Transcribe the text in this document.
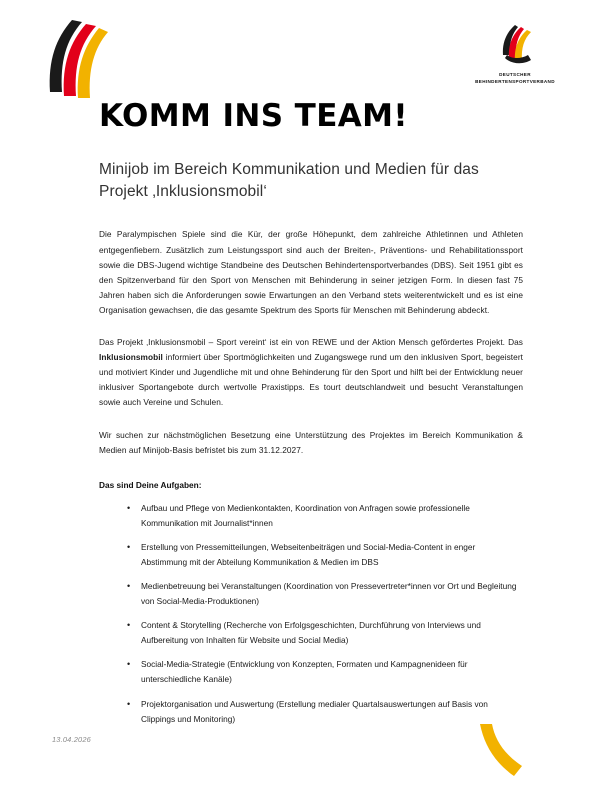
DEUTSCHER
BEHINDERTENSPORTVERBAND
KOMM INS TEAM!
Minijob im Bereich Kommunikation und Medien für das Projekt ‚Inklusionsmobil‘

Die Paralympischen Spiele sind die Kür, der große Höhepunkt, dem zahlreiche Athletinnen und Athleten entgegenfiebern. Zusätzlich zum Leistungssport sind auch der Breiten-, Präventions- und Rehabilitationssport sowie die DBS-Jugend wichtige Standbeine des Deutschen Behindertensportverbandes (DBS). Seit 1951 gibt es den Spitzenverband für den Sport von Menschen mit Behinderung in seiner jetzigen Form. In diesen fast 75 Jahren haben sich die Anforderungen sowie Erwartungen an den Verband stets weiterentwickelt und es ist eine Organisation gewachsen, die das gesamte Spektrum des Sports für Menschen mit Behinderung abdeckt.

Das Projekt ‚Inklusionsmobil – Sport vereint‘ ist ein von REWE und der Aktion Mensch gefördertes Projekt. Das Inklusionsmobil informiert über Sportmöglichkeiten und Zugangswege rund um den inklusiven Sport, begeistert und motiviert Kinder und Jugendliche mit und ohne Behinderung für den Sport und hilft bei der Entwicklung neuer inklusiver Sportangebote durch wertvolle Praxistipps. Es tourt deutschlandweit und besucht Veranstaltungen sowie auch Vereine und Schulen.

Wir suchen zur nächstmöglichen Besetzung eine Unterstützung des Projektes im Bereich Kommunikation & Medien auf Minijob-Basis befristet bis zum 31.12.2027.

Das sind Deine Aufgaben:

• Aufbau und Pflege von Medienkontakten, Koordination von Anfragen sowie professionelle Kommunikation mit Journalist*innen
• Erstellung von Pressemitteilungen, Webseitenbeiträgen und Social-Media-Content in enger Abstimmung mit der Abteilung Kommunikation & Medien im DBS
• Medienbetreuung bei Veranstaltungen (Koordination von Pressevertreter*innen vor Ort und Begleitung von Social-Media-Produktionen)
• Content & Storytelling (Recherche von Erfolgsgeschichten, Durchführung von Interviews und Aufbereitung von Inhalten für Website und Social Media)
• Social-Media-Strategie (Entwicklung von Konzepten, Formaten und Kampagnenideen für unterschiedliche Kanäle)
• Projektorganisation und Auswertung (Erstellung medialer Quartalsauswertungen auf Basis von Clippings und Monitoring)
13.04.2026
